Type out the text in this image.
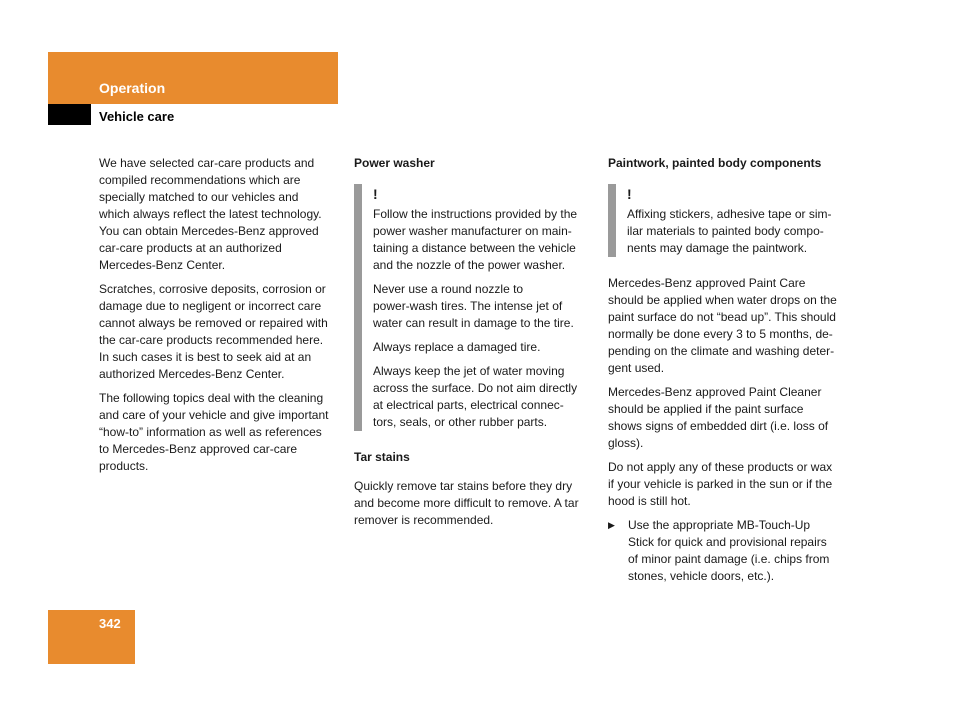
Operation
Vehicle care

We have selected car-care products and
compiled recommendations which are
specially matched to our vehicles and
which always reflect the latest technology.
You can obtain Mercedes-Benz approved
car-care products at an authorized
Mercedes-Benz Center.

Scratches, corrosive deposits, corrosion or
damage due to negligent or incorrect care
cannot always be removed or repaired with
the car-care products recommended here.
In such cases it is best to seek aid at an
authorized Mercedes-Benz Center.

The following topics deal with the cleaning
and care of your vehicle and give important
“how-to” information as well as references
to Mercedes-Benz approved car-care
products.

Power washer
!

Follow the instructions provided by the
power washer manufacturer on main-
taining a distance between the vehicle
and the nozzle of the power washer.

Never use a round nozzle to
power-wash tires. The intense jet of
water can result in damage to the tire.

Always replace a damaged tire.

Always keep the jet of water moving
across the surface. Do not aim directly
at electrical parts, electrical connec-
tors, seals, or other rubber parts.

Tar stains

Quickly remove tar stains before they dry
and become more difficult to remove. A tar
remover is recommended.

Paintwork, painted body components
!

Affixing stickers, adhesive tape or sim-
ilar materials to painted body compo-
nents may damage the paintwork.

Mercedes-Benz approved Paint Care
should be applied when water drops on the
paint surface do not “bead up”. This should
normally be done every 3 to 5 months, de-
pending on the climate and washing deter-
gent used.

Mercedes-Benz approved Paint Cleaner
should be applied if the paint surface
shows signs of embedded dirt (i.e. loss of
gloss).

Do not apply any of these products or wax
if your vehicle is parked in the sun or if the
hood is still hot.

▶	Use the appropriate MB-Touch-Up
Stick for quick and provisional repairs
of minor paint damage (i.e. chips from
stones, vehicle doors, etc.).

342
